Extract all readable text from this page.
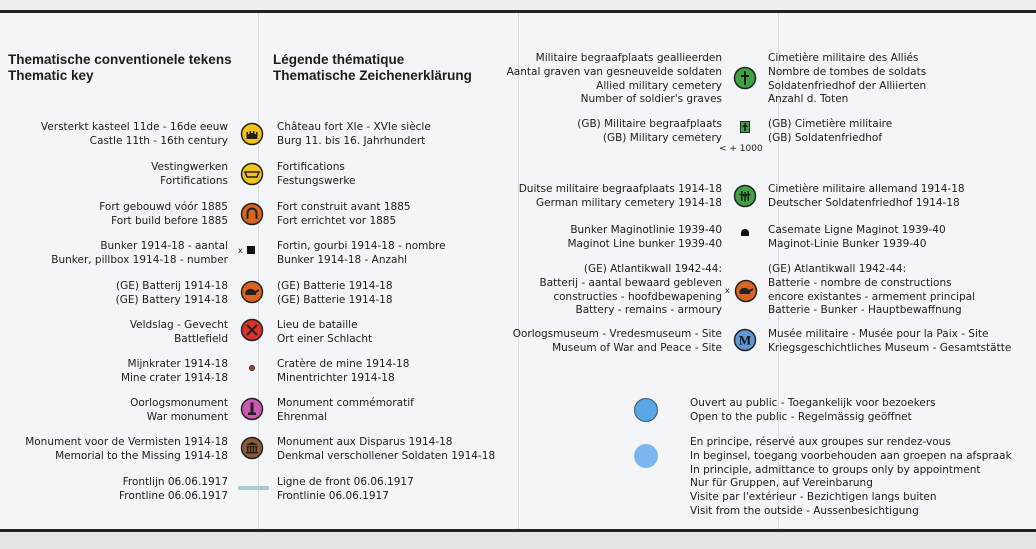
Thematische conventionele tekens
Thematic key
Légende thématique
Thematische Zeichenerklärung
Versterkt kasteel 11de - 16de eeuw
Castle 11th - 16th century
Château fort XIe - XVIe siècle
Burg 11. bis 16. Jahrhundert
Vestingwerken
Fortifications
Fortifications
Festungswerke
Fort gebouwd vóór 1885
Fort build before 1885
Fort construit avant 1885
Fort errichtet vor 1885
Bunker 1914-18 - aantal
Bunker, pillbox 1914-18 - number
x	Fortin, gourbi 1914-18 - nombre
Bunker 1914-18 - Anzahl
(GE) Batterij 1914-18
(GE) Battery 1914-18
(GE) Batterie 1914-18
(GE) Batterie 1914-18
Veldslag - Gevecht
Battlefield
Lieu de bataille
Ort einer Schlacht
Mijnkrater 1914-18
Mine crater 1914-18
Cratère de mine 1914-18
Minentrichter 1914-18
Oorlogsmonument
War monument
Monument commémoratif
Ehrenmal
Monument voor de Vermisten 1914-18
Memorial to the Missing 1914-18
Monument aux Disparus 1914-18
Denkmal verschollener Soldaten 1914-18
Frontlijn 06.06.1917
Frontline 06.06.1917
Ligne de front 06.06.1917
Frontlinie 06.06.1917
Militaire begraafplaats geallieerden
Aantal graven van gesneuvelde soldaten
Allied military cemetery
Number of soldier's graves
Cimetière militaire des Alliés
Nombre de tombes de soldats
Soldatenfriedhof der Alliierten
Anzahl d. Toten
(GB) Militaire begraafplaats
(GB) Military cemetery
< + 1000
(GB) Cimetière militaire
(GB) Soldatenfriedhof
Duitse militaire begraafplaats 1914-18
German military cemetery 1914-18
Cimetière militaire allemand 1914-18
Deutscher Soldatenfriedhof 1914-18
Bunker Maginotlinie 1939-40
Maginot Line bunker 1939-40
Casemate Ligne Maginot 1939-40
Maginot-Linie Bunker 1939-40
(GE) Atlantikwall 1942-44:
Batterij - aantal bewaard gebleven
constructies - hoofdbewapening
Battery - remains - armoury
x
(GE) Atlantikwall 1942-44:
Batterie - nombre de constructions
encore existantes - armement principal
Batterie - Bunker - Hauptbewaffnung
Oorlogsmuseum - Vredesmuseum - Site
Museum of War and Peace - Site
M Musée militaire - Musée pour la Paix - Site
Kriegsgeschichtliches Museum - Gesamtstätte
Ouvert au public - Toegankelijk voor bezoekers
Open to the public - Regelmässig geöffnet
En principe, réservé aux groupes sur rendez-vous
In beginsel, toegang voorbehouden aan groepen na afspraak
In principle, admittance to groups only by appointment
Nur für Gruppen, auf Vereinbarung
Visite par l'extérieur - Bezichtigen langs buiten
Visit from the outside - Aussenbesichtigung
